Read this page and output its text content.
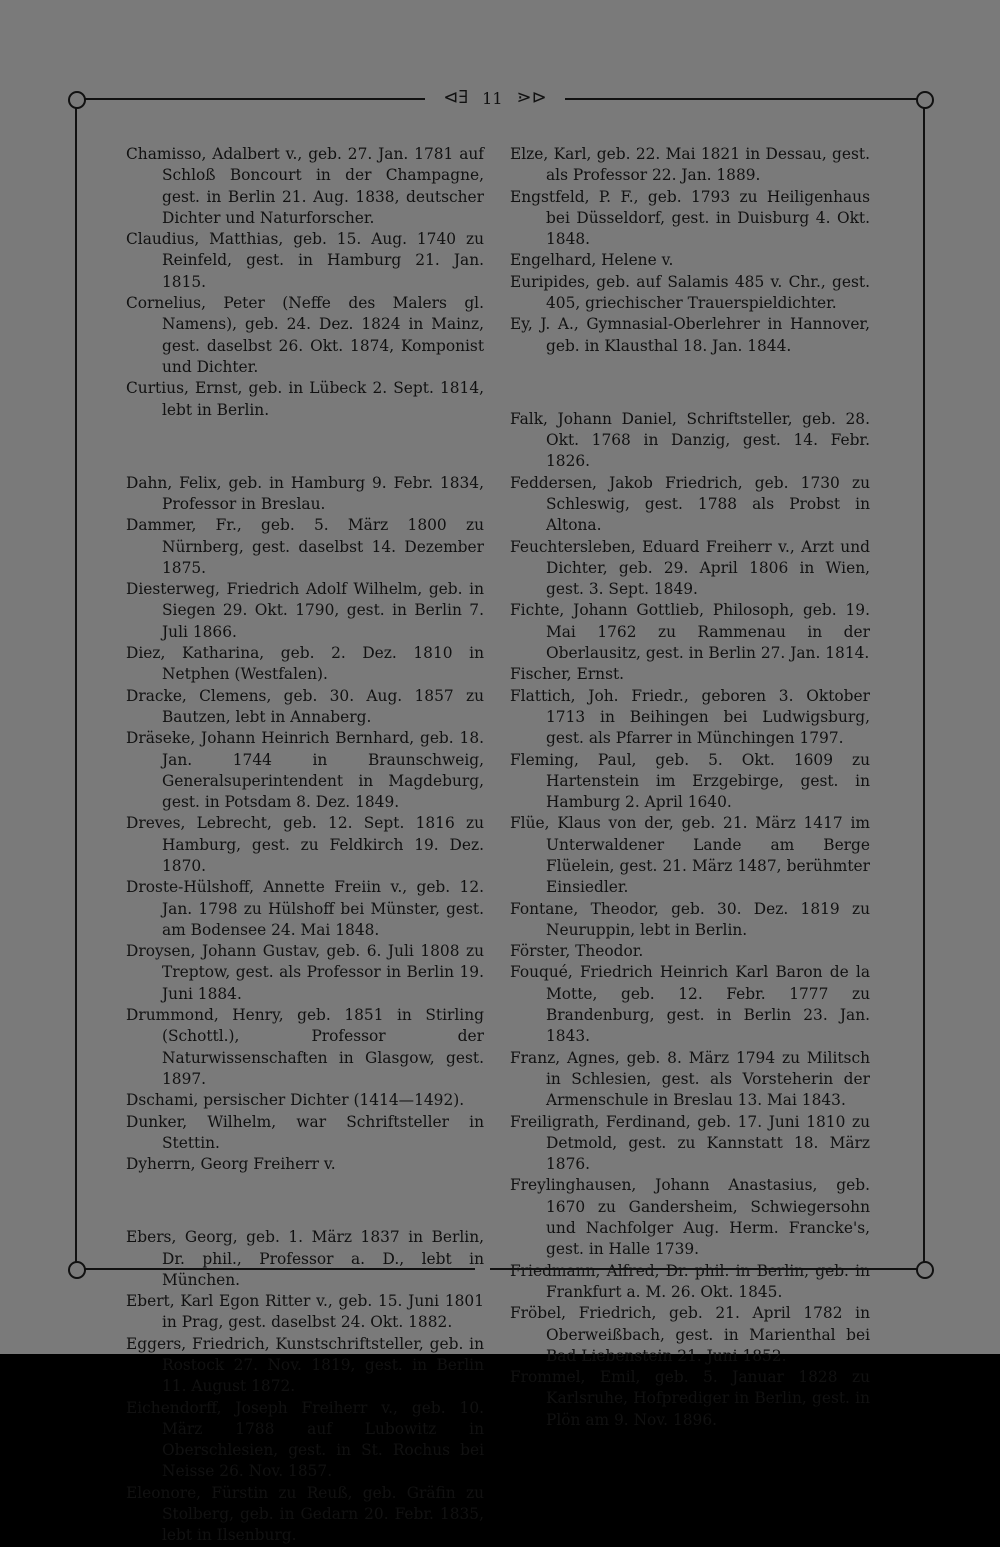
⊲∃ 11 ⋗⊳

Chamisso, Adalbert v., geb. 27. Jan. 1781 auf Schloß Boncourt in der Champagne, gest. in Berlin 21. Aug. 1838, deutscher Dichter und Naturforscher.

Claudius, Matthias, geb. 15. Aug. 1740 zu Reinfeld, gest. in Hamburg 21. Jan. 1815.

Cornelius, Peter (Neffe des Malers gl. Namens), geb. 24. Dez. 1824 in Mainz, gest. daselbst 26. Okt. 1874, Komponist und Dichter.

Curtius, Ernst, geb. in Lübeck 2. Sept. 1814, lebt in Berlin.

Dahn, Felix, geb. in Hamburg 9. Febr. 1834, Professor in Breslau.

Dammer, Fr., geb. 5. März 1800 zu Nürnberg, gest. daselbst 14. Dezember 1875.

Diesterweg, Friedrich Adolf Wilhelm, geb. in Siegen 29. Okt. 1790, gest. in Berlin 7. Juli 1866.

Diez, Katharina, geb. 2. Dez. 1810 in Netphen (Westfalen).

Dracke, Clemens, geb. 30. Aug. 1857 zu Bautzen, lebt in Annaberg.

Dräseke, Johann Heinrich Bernhard, geb. 18. Jan. 1744 in Braunschweig, Generalsuperintendent in Magdeburg, gest. in Potsdam 8. Dez. 1849.

Dreves, Lebrecht, geb. 12. Sept. 1816 zu Hamburg, gest. zu Feldkirch 19. Dez. 1870.

Droste-Hülshoff, Annette Freiin v., geb. 12. Jan. 1798 zu Hülshoff bei Münster, gest. am Bodensee 24. Mai 1848.

Droysen, Johann Gustav, geb. 6. Juli 1808 zu Treptow, gest. als Professor in Berlin 19. Juni 1884.

Drummond, Henry, geb. 1851 in Stirling (Schottl.), Professor der Naturwissenschaften in Glasgow, gest. 1897.

Dschami, persischer Dichter (1414—1492).

Dunker, Wilhelm, war Schriftsteller in Stettin.

Dyherrn, Georg Freiherr v.

Ebers, Georg, geb. 1. März 1837 in Berlin, Dr. phil., Professor a. D., lebt in München.

Ebert, Karl Egon Ritter v., geb. 15. Juni 1801 in Prag, gest. daselbst 24. Okt. 1882.

Eggers, Friedrich, Kunstschriftsteller, geb. in Rostock 27. Nov. 1819, gest. in Berlin 11. August 1872.

Eichendorff, Joseph Freiherr v., geb. 10. März 1788 auf Lubowitz in Oberschlesien, gest. in St. Rochus bei Neisse 26. Nov. 1857.

Eleonore, Fürstin zu Reuß, geb. Gräfin zu Stolberg, geb. in Gedarn 20. Febr. 1835, lebt in Ilsenburg.

Elze, Karl, geb. 22. Mai 1821 in Dessau, gest. als Professor 22. Jan. 1889.

Engstfeld, P. F., geb. 1793 zu Heiligenhaus bei Düsseldorf, gest. in Duisburg 4. Okt. 1848.

Engelhard, Helene v.

Euripides, geb. auf Salamis 485 v. Chr., gest. 405, griechischer Trauerspieldichter.

Ey, J. A., Gymnasial-Oberlehrer in Hannover, geb. in Klausthal 18. Jan. 1844.

Falk, Johann Daniel, Schriftsteller, geb. 28. Okt. 1768 in Danzig, gest. 14. Febr. 1826.

Feddersen, Jakob Friedrich, geb. 1730 zu Schleswig, gest. 1788 als Probst in Altona.

Feuchtersleben, Eduard Freiherr v., Arzt und Dichter, geb. 29. April 1806 in Wien, gest. 3. Sept. 1849.

Fichte, Johann Gottlieb, Philosoph, geb. 19. Mai 1762 zu Rammenau in der Oberlausitz, gest. in Berlin 27. Jan. 1814.

Fischer, Ernst.

Flattich, Joh. Friedr., geboren 3. Oktober 1713 in Beihingen bei Ludwigsburg, gest. als Pfarrer in Münchingen 1797.

Fleming, Paul, geb. 5. Okt. 1609 zu Hartenstein im Erzgebirge, gest. in Hamburg 2. April 1640.

Flüe, Klaus von der, geb. 21. März 1417 im Unterwaldener Lande am Berge Flüelein, gest. 21. März 1487, berühmter Einsiedler.

Fontane, Theodor, geb. 30. Dez. 1819 zu Neuruppin, lebt in Berlin.

Förster, Theodor.

Fouqué, Friedrich Heinrich Karl Baron de la Motte, geb. 12. Febr. 1777 zu Brandenburg, gest. in Berlin 23. Jan. 1843.

Franz, Agnes, geb. 8. März 1794 zu Militsch in Schlesien, gest. als Vorsteherin der Armenschule in Breslau 13. Mai 1843.

Freiligrath, Ferdinand, geb. 17. Juni 1810 zu Detmold, gest. zu Kannstatt 18. März 1876.

Freylinghausen, Johann Anastasius, geb. 1670 zu Gandersheim, Schwiegersohn und Nachfolger Aug. Herm. Francke's, gest. in Halle 1739.

Friedmann, Alfred, Dr. phil. in Berlin, geb. in Frankfurt a. M. 26. Okt. 1845.

Fröbel, Friedrich, geb. 21. April 1782 in Oberweißbach, gest. in Marienthal bei Bad Liebenstein 21. Juni 1852.

Frommel, Emil, geb. 5. Januar 1828 zu Karlsruhe, Hofprediger in Berlin, gest. in Plön am 9. Nov. 1896.
